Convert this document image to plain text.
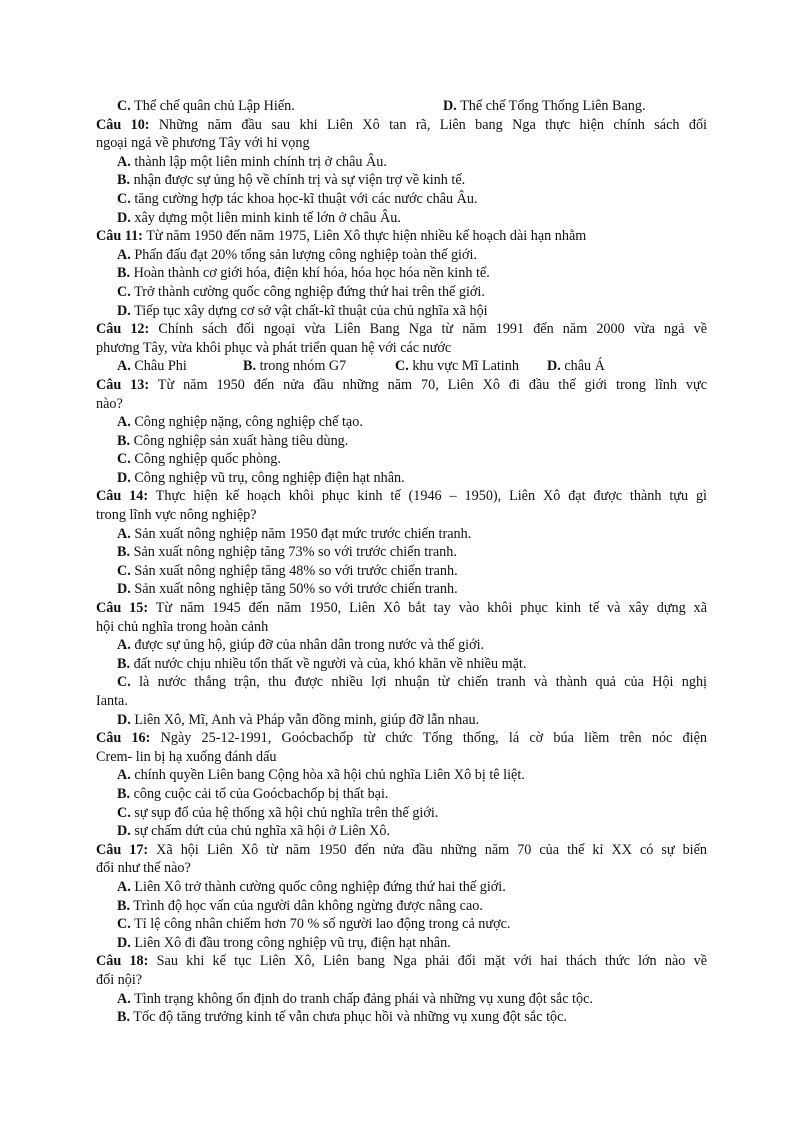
C. Thể chế quân chủ Lập Hiến.	D. Thể chế Tổng Thống Liên Bang.
Câu 10: Những năm đầu sau khi Liên Xô tan rã, Liên bang Nga thực hiện chính sách đối
ngoại ngả về phương Tây với hi vọng
A. thành lập một liên minh chính trị ở châu Âu.
B. nhận được sự ủng hộ về chính trị và sự viện trợ về kinh tế.
C. tăng cường hợp tác khoa học-kĩ thuật với các nước châu Âu.
D. xây dựng một liên minh kinh tế lớn ở châu Âu.
Câu 11: Từ năm 1950 đến năm 1975, Liên Xô thực hiện nhiều kế hoạch dài hạn nhằm
A. Phấn đấu đạt 20% tổng sản lượng công nghiệp toàn thế giới.
B. Hoàn thành cơ giới hóa, điện khí hóa, hóa học hóa nền kinh tế.
C. Trở thành cường quốc công nghiệp đứng thứ hai trên thế giới.
D. Tiếp tục xây dựng cơ sở vật chất-kĩ thuật của chủ nghĩa xã hội
Câu 12: Chính sách đối ngoại vừa Liên Bang Nga từ năm 1991 đến năm 2000 vừa ngả về
phương Tây, vừa khôi phục và phát triển quan hệ với các nước
A. Châu Phi	B. trong nhóm G7	C. khu vực Mĩ Latinh	D. châu Á
Câu 13: Từ năm 1950 đến nửa đầu những năm 70, Liên Xô đi đầu thế giới trong lĩnh vực
nào?
A. Công nghiệp nặng, công nghiệp chế tạo.
B. Công nghiệp sản xuất hàng tiêu dùng.
C. Công nghiệp quốc phòng.
D. Công nghiệp vũ trụ, công nghiệp điện hạt nhân.
Câu 14: Thực hiện kế hoạch khôi phục kinh tế (1946 – 1950), Liên Xô đạt được thành tựu gì
trong lĩnh vực nông nghiệp?
A. Sản xuất nông nghiệp năm 1950 đạt mức trước chiến tranh.
B. Sản xuất nông nghiệp tăng 73% so với trước chiến tranh.
C. Sản xuất nông nghiệp tăng 48% so với trước chiến tranh.
D. Sản xuất nông nghiệp tăng 50% so với trước chiến tranh.
Câu 15: Từ năm 1945 đến năm 1950, Liên Xô bắt tay vào khôi phục kinh tế và xây dựng xã
hội chủ nghĩa trong hoàn cảnh
A. được sự ủng hộ, giúp đỡ của nhân dân trong nước và thế giới.
B. đất nước chịu nhiều tổn thất về người và của, khó khăn về nhiều mặt.
C. là nước thắng trận, thu được nhiều lợi nhuận từ chiến tranh và thành quả của Hội nghị
Ianta.
D. Liên Xô, Mĩ, Anh và Pháp vẫn đồng minh, giúp đỡ lẫn nhau.
Câu 16: Ngày 25-12-1991, Goócbachốp từ chức Tổng thống, lá cờ búa liềm trên nóc điện
Crem- lin bị hạ xuống đánh dấu
A. chính quyền Liên bang Cộng hòa xã hội chủ nghĩa Liên Xô bị tê liệt.
B. công cuộc cải tổ của Goócbachốp bị thất bại.
C. sự sụp đổ của hệ thống xã hội chủ nghĩa trên thế giới.
D. sự chấm dứt của chủ nghĩa xã hội ở Liên Xô.
Câu 17: Xã hội Liên Xô từ năm 1950 đến nửa đầu những năm 70 của thế kỉ XX có sự biến
đổi như thế nào?
A. Liên Xô trở thành cường quốc công nghiệp đứng thứ hai thế giới.
B. Trình độ học vấn của người dân không ngừng được nâng cao.
C. Tỉ lệ công nhân chiếm hơn 70 % số người lao động trong cả nược.
D. Liên Xô đi đầu trong công nghiệp vũ trụ, điện hạt nhân.
Câu 18: Sau khi kế tục Liên Xô, Liên bang Nga phải đối mặt với hai thách thức lớn nào về
đối nội?
A. Tình trạng không ổn định do tranh chấp đảng phái và những vụ xung đột sắc tộc.
B. Tốc độ tăng trưởng kinh tế vẫn chưa phục hồi và những vụ xung đột sắc tộc.
